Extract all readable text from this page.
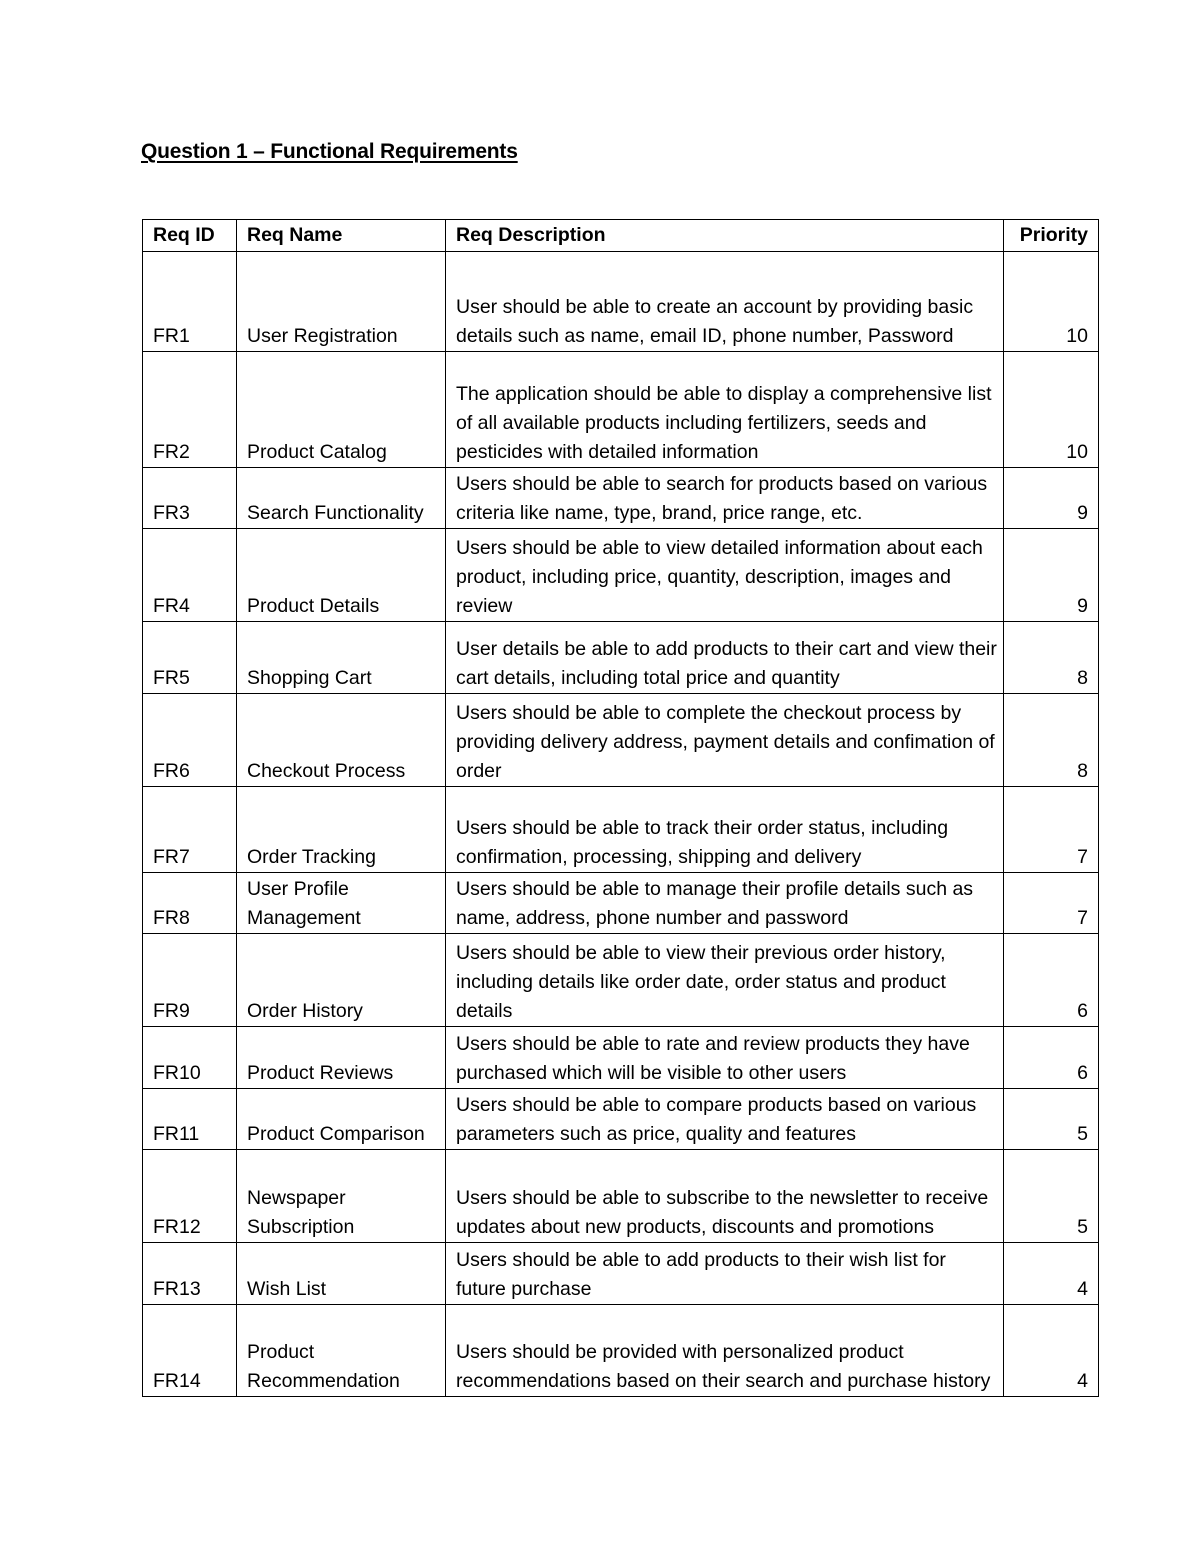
Question 1 – Functional Requirements
Req ID	Req Name	Req Description	Priority
FR1	User Registration	User should be able to create an account by providing basic details such as name, email ID, phone number, Password	10
FR2	Product Catalog	The application should be able to display a comprehensive list of all available products including fertilizers, seeds and pesticides with detailed information	10
FR3	Search Functionality	Users should be able to search for products based on various criteria like name, type, brand, price range, etc.	9
FR4	Product Details	Users should be able to view detailed information about each product, including price, quantity, description, images and review	9
FR5	Shopping Cart	User details be able to add products to their cart and view their cart details, including total price and quantity	8
FR6	Checkout Process	Users should be able to complete the checkout process by providing delivery address, payment details and confimation of order	8
FR7	Order Tracking	Users should be able to track their order status, including confirmation, processing, shipping and delivery	7
FR8	User Profile Management	Users should be able to manage their profile details such as name, address, phone number and password	7
FR9	Order History	Users should be able to view their previous order history, including details like order date, order status and product details	6
FR10	Product Reviews	Users should be able to rate and review products they have purchased which will be visible to other users	6
FR11	Product Comparison	Users should be able to compare products based on various parameters such as price, quality and features	5
FR12	Newspaper Subscription	Users should be able to subscribe to the newsletter to receive updates about new products, discounts and promotions	5
FR13	Wish List	Users should be able to add products to their wish list for future purchase	4
FR14	Product Recommendation	Users should be provided with personalized product recommendations based on their search and purchase history	4
